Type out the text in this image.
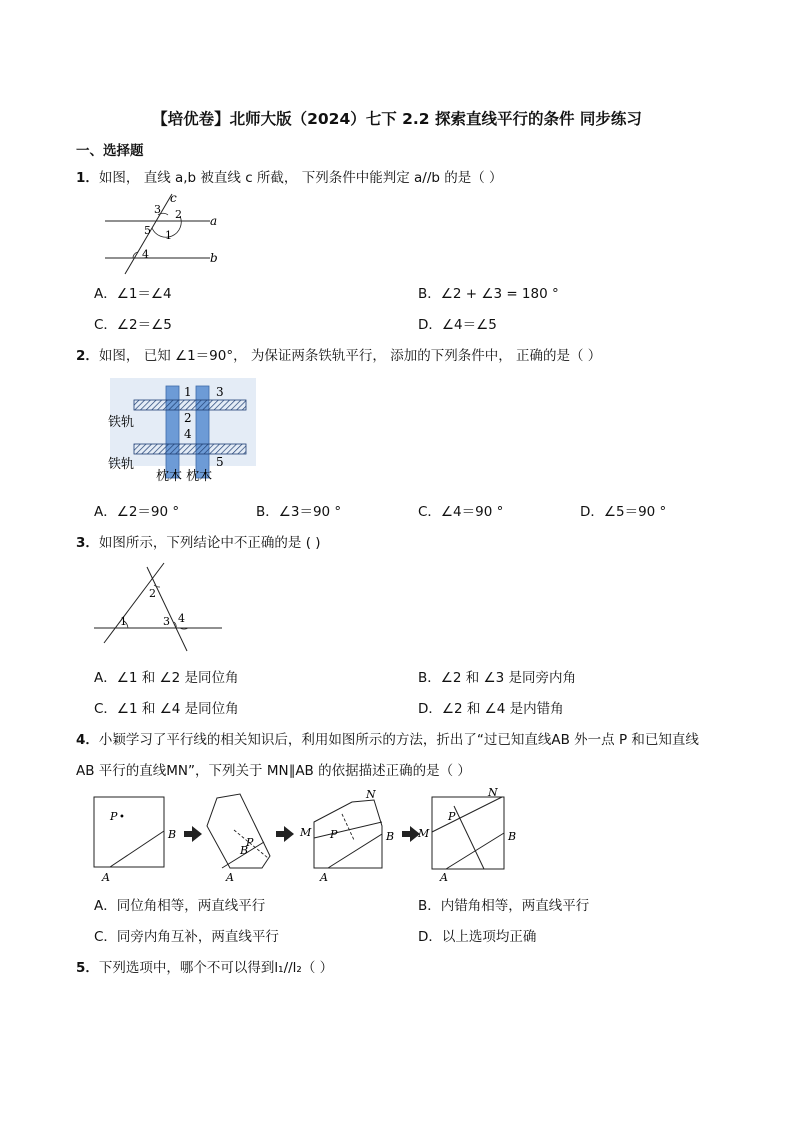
【培优卷】北师大版（2024）七下 2.2 探索直线平行的条件 同步练习
一、选择题
1．如图， 直线 a,b 被直线 c 所截， 下列条件中能判定 a//b 的是（ ）
a
b
c
1
2
3
4
5
A．∠1＝∠4	B．∠2 + ∠3 = 180 °
C．∠2＝∠5	D．∠4＝∠5
2．如图， 已知 ∠1＝90°， 为保证两条铁轨平行， 添加的下列条件中， 正确的是（ ）
1
2
3
4
5
铁轨
铁轨
枕木 枕木
A．∠2＝90 °	B．∠3＝90 °	C．∠4＝90 °	D．∠5＝90 °
3．如图所示，下列结论中不正确的是 ( )
1
2
3 4
A．∠1 和 ∠2 是同位角	B．∠2 和 ∠3 是同旁内角
C．∠1 和 ∠4 是同位角	D．∠2 和 ∠4 是内错角
4．小颖学习了平行线的相关知识后，利用如图所示的方法，折出了“过已知直线AB 外一点 P 和已知直线
AB 平行的直线MN”，下列关于 MN∥AB 的依据描述正确的是（ ）
P •
B
A
P
B
A
P
N
M	B
A
P
N
M	B
A
A．同位角相等，两直线平行	B．内错角相等，两直线平行
C．同旁内角互补，两直线平行	D．以上选项均正确
5．下列选项中，哪个不可以得到l₁//l₂（ ）
